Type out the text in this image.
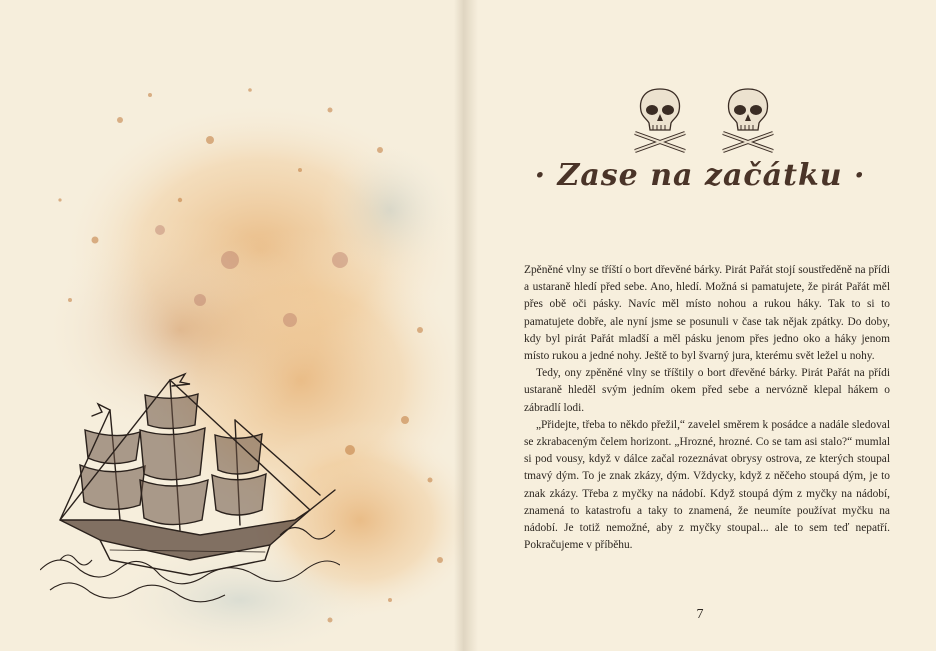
· Zase na začátku ·

Zpěněné vlny se tříští o bort dřevěné bárky. Pirát Pařát stojí soustředěně na přídi a ustaraně hledí před sebe. Ano, hledí. Možná si pamatujete, že pirát Pařát měl přes obě oči pásky. Navíc měl místo nohou a rukou háky. Tak to si to pamatujete dobře, ale nyní jsme se posunuli v čase tak nějak zpátky. Do doby, kdy byl pirát Pařát mladší a měl pásku jenom přes jedno oko a háky jenom místo rukou a jedné nohy. Ještě to byl švarný jura, kterému svět ležel u nohy.

Tedy, ony zpěněné vlny se tříštily o bort dřevěné bárky. Pirát Pařát na přídi ustaraně hleděl svým jedním okem před sebe a nervózně klepal hákem o zábradlí lodi.

„Přidejte, třeba to někdo přežil,“ zavelel směrem k posádce a nadále sledoval se zkrabaceným čelem horizont. „Hrozné, hrozné. Co se tam asi stalo?“ mumlal si pod vousy, když v dálce začal rozeznávat obrysy ostrova, ze kterých stoupal tmavý dým. To je znak zkázy, dým. Vždycky, když z něčeho stoupá dým, je to znak zkázy. Třeba z myčky na nádobí. Když stoupá dým z myčky na nádobí, znamená to katastrofu a taky to znamená, že neumíte používat myčku na nádobí. Je totiž nemožné, aby z myčky stoupal... ale to sem teď nepatří. Pokračujeme v příběhu.

7
